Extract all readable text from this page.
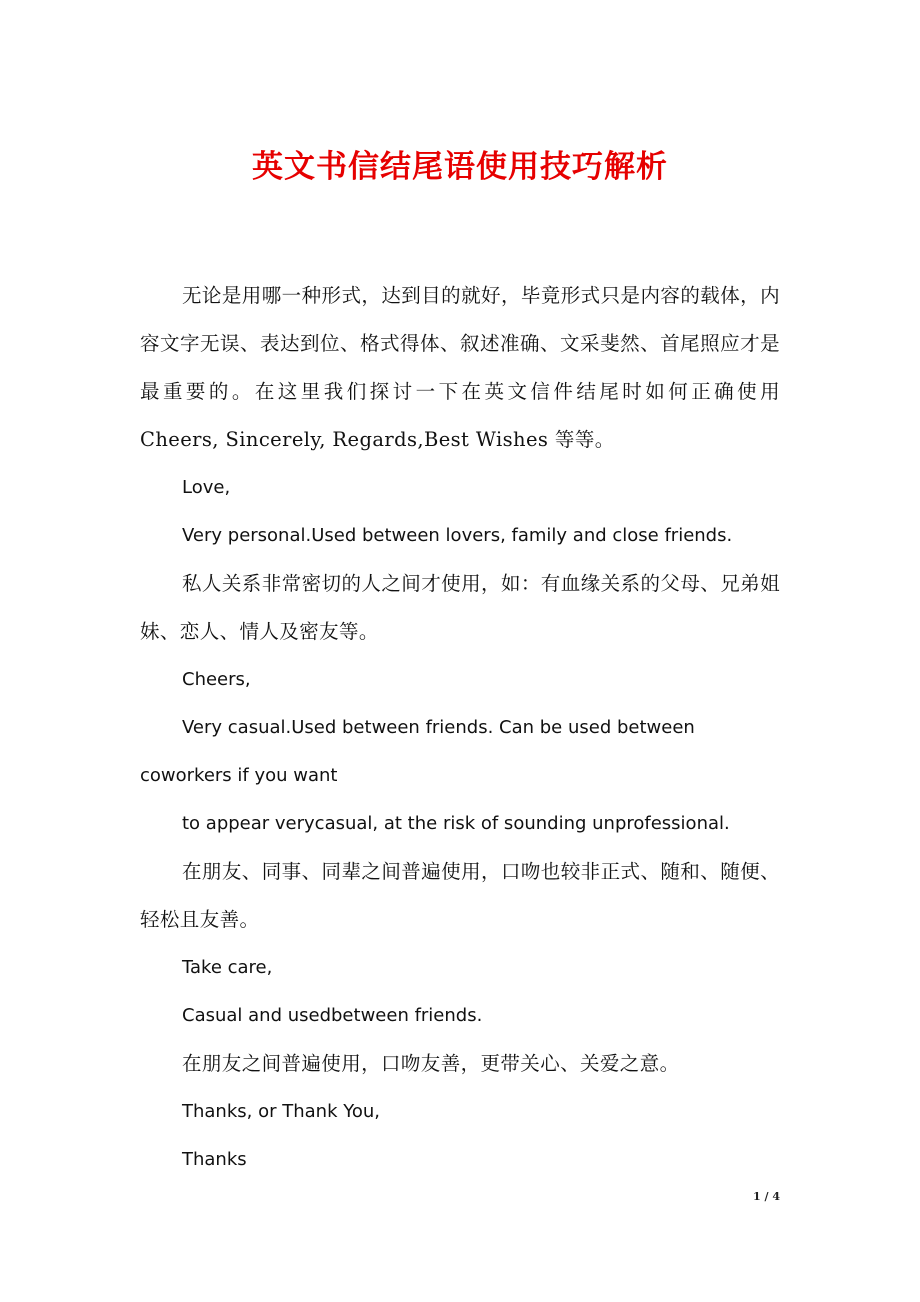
英文书信结尾语使用技巧解析

无论是用哪一种形式，达到目的就好，毕竟形式只是内容的载体，内容文字无误、表达到位、格式得体、叙述准确、文采斐然、首尾照应才是最重要的。在这里我们探讨一下在英文信件结尾时如何正确使用 Cheers, Sincerely, Regards,Best Wishes 等等。

Love,

Very personal.Used between lovers, family and close friends.

私人关系非常密切的人之间才使用，如：有血缘关系的父母、兄弟姐妹、恋人、情人及密友等。

Cheers,

Very casual.Used between friends. Can be used between coworkers if you want

to appear verycasual, at the risk of sounding unprofessional.

在朋友、同事、同辈之间普遍使用，口吻也较非正式、随和、随便、轻松且友善。

Take care,

Casual and usedbetween friends.

在朋友之间普遍使用，口吻友善，更带关心、关爱之意。

Thanks, or Thank You,

Thanks

1 / 4
